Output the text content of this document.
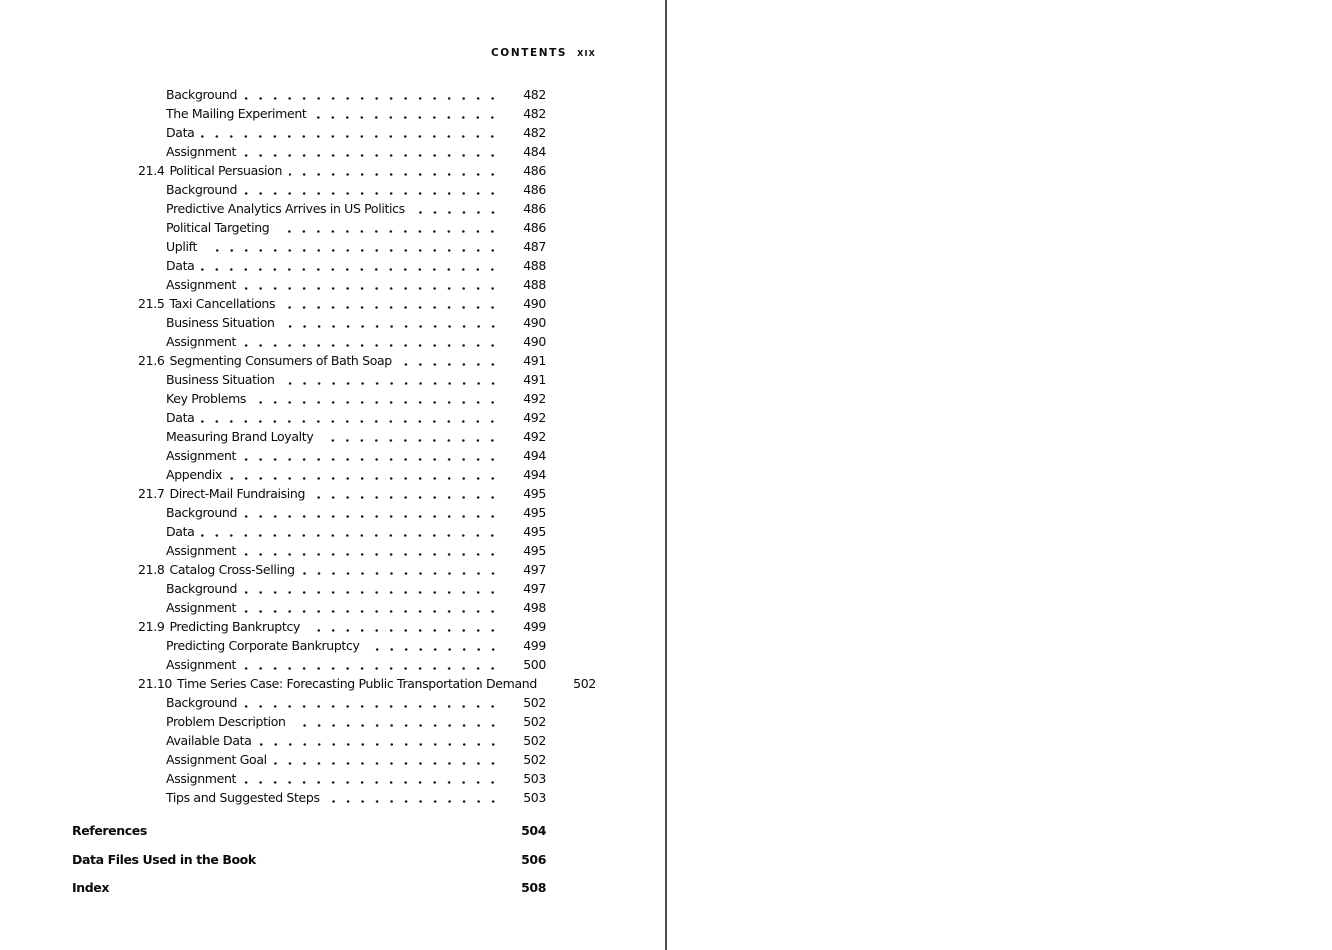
CONTENTS xix
Background	482
The Mailing Experiment	482
Data	482
Assignment	484
21.4 Political Persuasion	486
Background	486
Predictive Analytics Arrives in US Politics	486
Political Targeting	486
Uplift	487
Data	488
Assignment	488
21.5 Taxi Cancellations	490
Business Situation	490
Assignment	490
21.6 Segmenting Consumers of Bath Soap	491
Business Situation	491
Key Problems	492
Data	492
Measuring Brand Loyalty	492
Assignment	494
Appendix	494
21.7 Direct-Mail Fundraising	495
Background	495
Data	495
Assignment	495
21.8 Catalog Cross-Selling	497
Background	497
Assignment	498
21.9 Predicting Bankruptcy	499
Predicting Corporate Bankruptcy	499
Assignment	500
21.10 Time Series Case: Forecasting Public Transportation Demand	502
Background	502
Problem Description	502
Available Data	502
Assignment Goal	502
Assignment	503
Tips and Suggested Steps	503
References	504
Data Files Used in the Book	506
Index	508
